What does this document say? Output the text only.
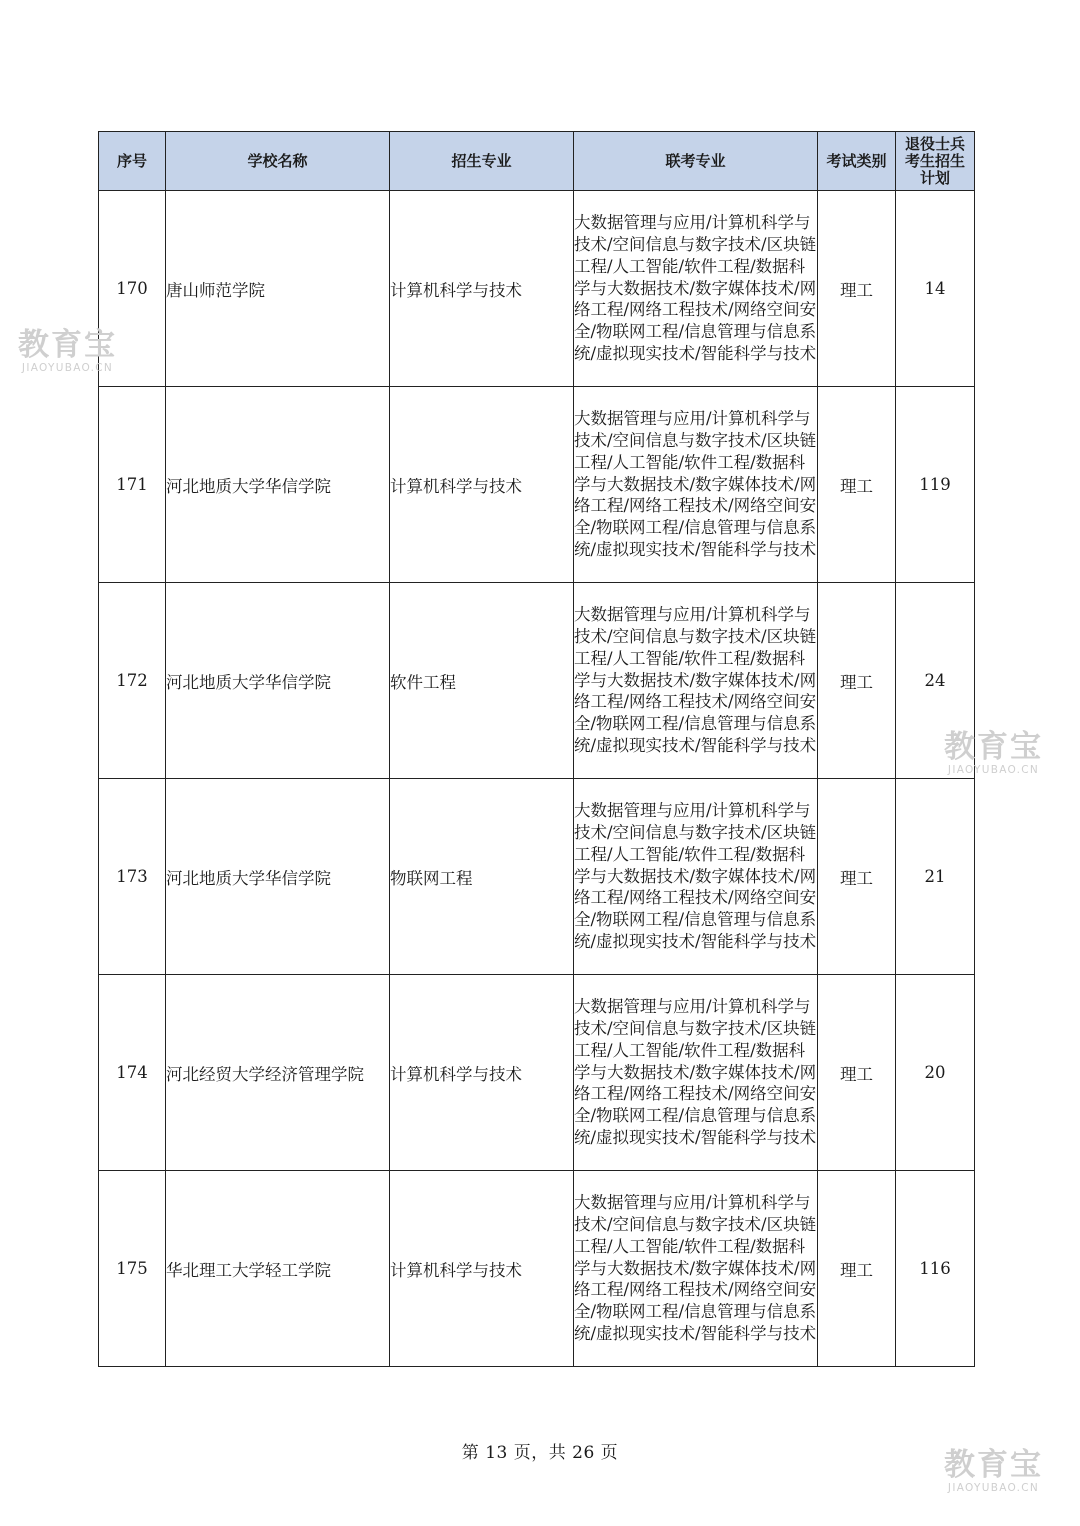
序号	学校名称	招生专业	联考专业	考试类别	退役士兵考生招生计划
170	唐山师范学院	计算机科学与技术	大数据管理与应用/计算机科学与技术/空间信息与数字技术/区块链工程/人工智能/软件工程/数据科学与大数据技术/数字媒体技术/网络工程/网络工程技术/网络空间安全/物联网工程/信息管理与信息系统/虚拟现实技术/智能科学与技术	理工	14
171	河北地质大学华信学院	计算机科学与技术	大数据管理与应用/计算机科学与技术/空间信息与数字技术/区块链工程/人工智能/软件工程/数据科学与大数据技术/数字媒体技术/网络工程/网络工程技术/网络空间安全/物联网工程/信息管理与信息系统/虚拟现实技术/智能科学与技术	理工	119
172	河北地质大学华信学院	软件工程	大数据管理与应用/计算机科学与技术/空间信息与数字技术/区块链工程/人工智能/软件工程/数据科学与大数据技术/数字媒体技术/网络工程/网络工程技术/网络空间安全/物联网工程/信息管理与信息系统/虚拟现实技术/智能科学与技术	理工	24
173	河北地质大学华信学院	物联网工程	大数据管理与应用/计算机科学与技术/空间信息与数字技术/区块链工程/人工智能/软件工程/数据科学与大数据技术/数字媒体技术/网络工程/网络工程技术/网络空间安全/物联网工程/信息管理与信息系统/虚拟现实技术/智能科学与技术	理工	21
174	河北经贸大学经济管理学院	计算机科学与技术	大数据管理与应用/计算机科学与技术/空间信息与数字技术/区块链工程/人工智能/软件工程/数据科学与大数据技术/数字媒体技术/网络工程/网络工程技术/网络空间安全/物联网工程/信息管理与信息系统/虚拟现实技术/智能科学与技术	理工	20
175	华北理工大学轻工学院	计算机科学与技术	大数据管理与应用/计算机科学与技术/空间信息与数字技术/区块链工程/人工智能/软件工程/数据科学与大数据技术/数字媒体技术/网络工程/网络工程技术/网络空间安全/物联网工程/信息管理与信息系统/虚拟现实技术/智能科学与技术	理工	116
第 13 页，共 26 页
教育宝
JIAOYUBAO.CN
教育宝
JIAOYUBAO.CN
教育宝
JIAOYUBAO.CN
